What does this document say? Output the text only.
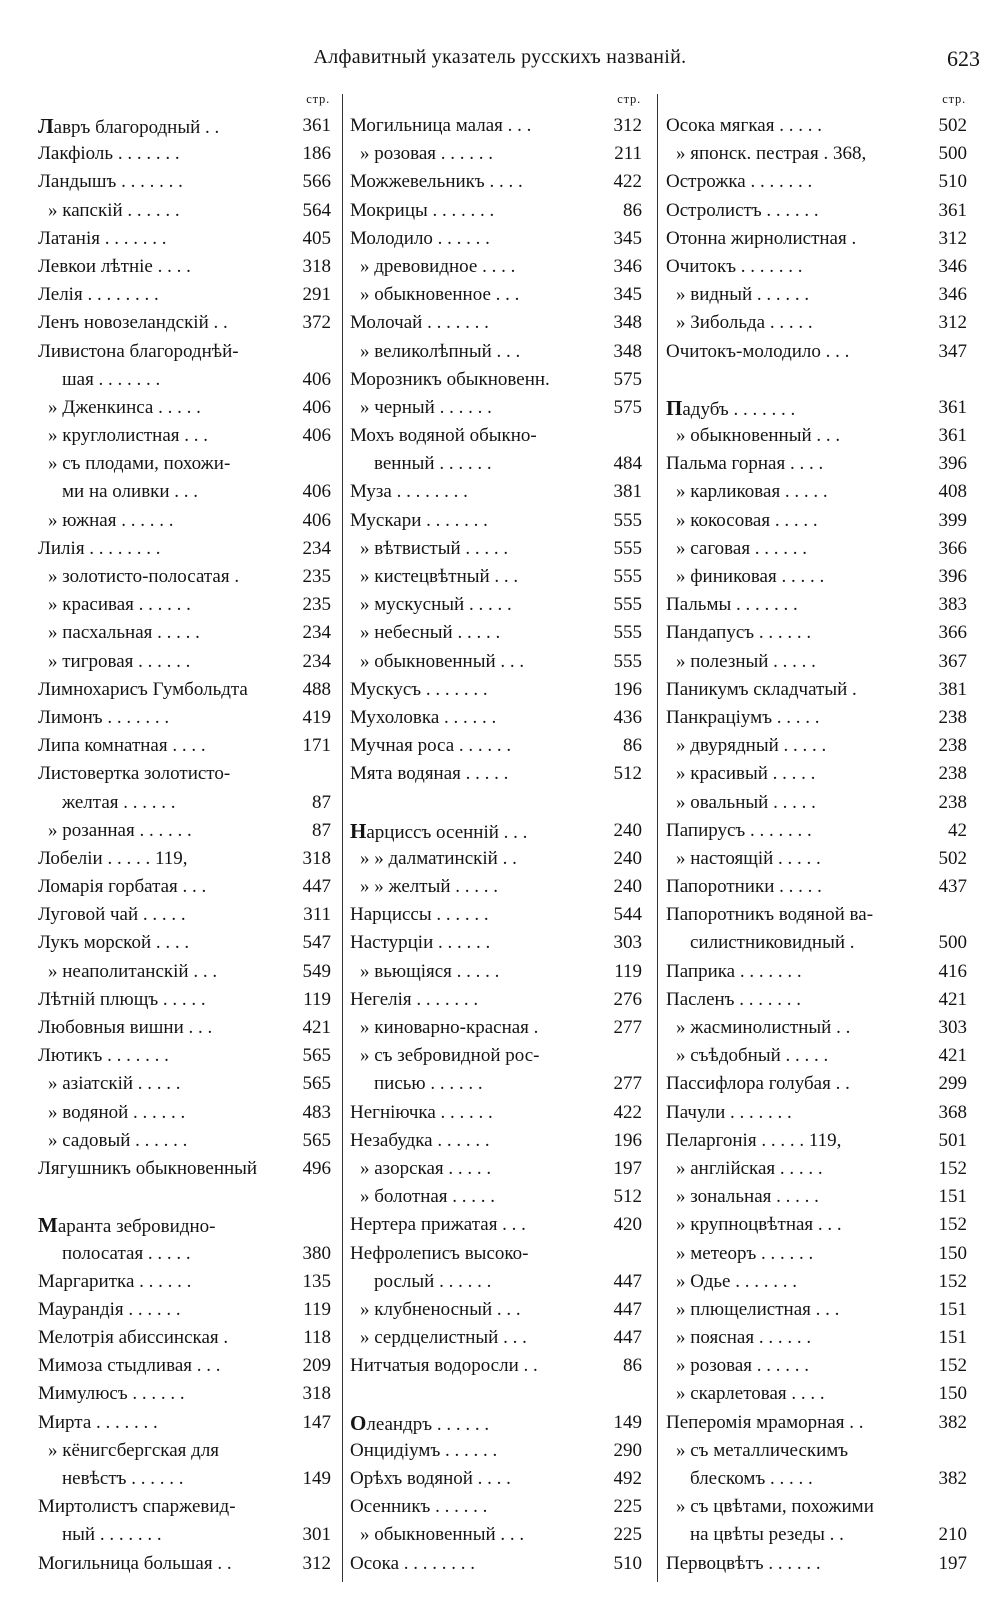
Алфавитный указатель русскихъ названій.	623
стр.
Лавръ благородный . .	361
Лакфіоль . . . . . . .	186
Ландышъ . . . . . . .	566
» капскій . . . . . .	564
Латанія . . . . . . .	405
Левкои лѣтніе . . . .	318
Лелія . . . . . . . .	291
Ленъ новозеландскій . .	372
Ливистона благороднѣй-
шая . . . . . . .	406
» Дженкинса . . . . .	406
» круглолистная . . .	406
» съ плодами, похожи-
ми на оливки . . .	406
» южная . . . . . .	406
Лилія . . . . . . . .	234
» золотисто-полосатая .	235
» красивая . . . . . .	235
» пасхальная . . . . .	234
» тигровая . . . . . .	234
Лимнохарисъ Гумбольдта	488
Лимонъ . . . . . . .	419
Липа комнатная . . . .	171
Листовертка золотисто-
желтая . . . . . .	87
» розанная . . . . . .	87
Лобеліи . . . . . 119,	318
Ломарія горбатая . . .	447
Луговой чай . . . . .	311
Лукъ морской . . . .	547
» неаполитанскій . . .	549
Лѣтній плющъ . . . . .	119
Любовныя вишни . . .	421
Лютикъ . . . . . . .	565
» азіатскій . . . . .	565
» водяной . . . . . .	483
» садовый . . . . . .	565
Лягушникъ обыкновенный 496
Маранта зебровидно-
полосатая . . . . .	380
Маргаритка . . . . . .	135
Маурандія . . . . . .	119
Мелотрія абиссинская .	118
Мимоза стыдливая . . .	209
Мимулюсъ . . . . . .	318
Мирта . . . . . . .	147
» кёнигсбергская для
невѣстъ . . . . . .	149
Миртолистъ спаржевид-
ный . . . . . . .	301
Могильница большая . .	312
стр.
Могильница малая . . .	312
» розовая . . . . . .	211
Можжевельникъ . . . .	422
Мокрицы . . . . . . .	86
Молодило . . . . . .	345
» древовидное . . . .	346
» обыкновенное . . .	345
Молочай . . . . . . .	348
» великолѣпный . . .	348
Морозникъ обыкновенн.	575
» черный . . . . . .	575
Мохъ водяной обыкно-
венный . . . . . .	484
Муза . . . . . . . .	381
Мускари . . . . . . .	555
» вѣтвистый . . . . .	555
» кистецвѣтный . . .	555
» мускусный . . . . .	555
» небесный . . . . .	555
» обыкновенный . . .	555
Мускусъ . . . . . . .	196
Мухоловка . . . . . .	436
Мучная роса . . . . . .	86
Мята водяная . . . . .	512
Нарциссъ осенній . . .	240
» » далматинскій . .	240
» » желтый . . . . .	240
Нарциссы . . . . . .	544
Настурціи . . . . . .	303
» вьющіяся . . . . .	119
Негелія . . . . . . .	276
» киноварно-красная .	277
» съ зебровидной рос-
писью . . . . . .	277
Негніючка . . . . . .	422
Незабудка . . . . . .	196
» азорская . . . . .	197
» болотная . . . . .	512
Нертера прижатая . . .	420
Нефролеписъ высоко-
рослый . . . . . .	447
» клубненосный . . .	447
» сердцелистный . . .	447
Нитчатыя водоросли . .	86
Олеандръ . . . . . .	149
Онцидіумъ . . . . . .	290
Орѣхъ водяной . . . .	492
Осенникъ . . . . . .	225
» обыкновенный . . .	225
Осока . . . . . . . .	510
стр.
Осока мягкая . . . . .	502
» японск. пестрая . 368,	500
Острожка . . . . . . .	510
Остролистъ . . . . . .	361
Отонна жирнолистная .	312
Очитокъ . . . . . . .	346
» видный . . . . . .	346
» Зибольда . . . . .	312
Очитокъ-молодило . . .	347
Падубъ . . . . . . .	361
» обыкновенный . . .	361
Пальма горная . . . .	396
» карликовая . . . . .	408
» кокосовая . . . . .	399
» саговая . . . . . .	366
» финиковая . . . . .	396
Пальмы . . . . . . .	383
Пандапусъ . . . . . .	366
» полезный . . . . .	367
Паникумъ складчатый .	381
Панкраціумъ . . . . .	238
» двурядный . . . . .	238
» красивый . . . . .	238
» овальный . . . . .	238
Папирусъ . . . . . . .	42
» настоящій . . . . .	502
Папоротники . . . . .	437
Папоротникъ водяной ва-
силистниковидный .	500
Паприка . . . . . . .	416
Пасленъ . . . . . . .	421
» жасминолистный . .	303
» съѣдобный . . . . .	421
Пассифлора голубая . .	299
Пачули . . . . . . .	368
Пеларгонія . . . . . 119,	501
» англійская . . . . .	152
» зональная . . . . .	151
» крупноцвѣтная . . .	152
» метеоръ . . . . . .	150
» Одье . . . . . . .	152
» плющелистная . . .	151
» поясная . . . . . .	151
» розовая . . . . . .	152
» скарлетовая . . . .	150
Пеперомія мраморная . .	382
» съ металлическимъ
блескомъ . . . . .	382
» съ цвѣтами, похожими
на цвѣты резеды . .	210
Первоцвѣтъ . . . . . .	197
